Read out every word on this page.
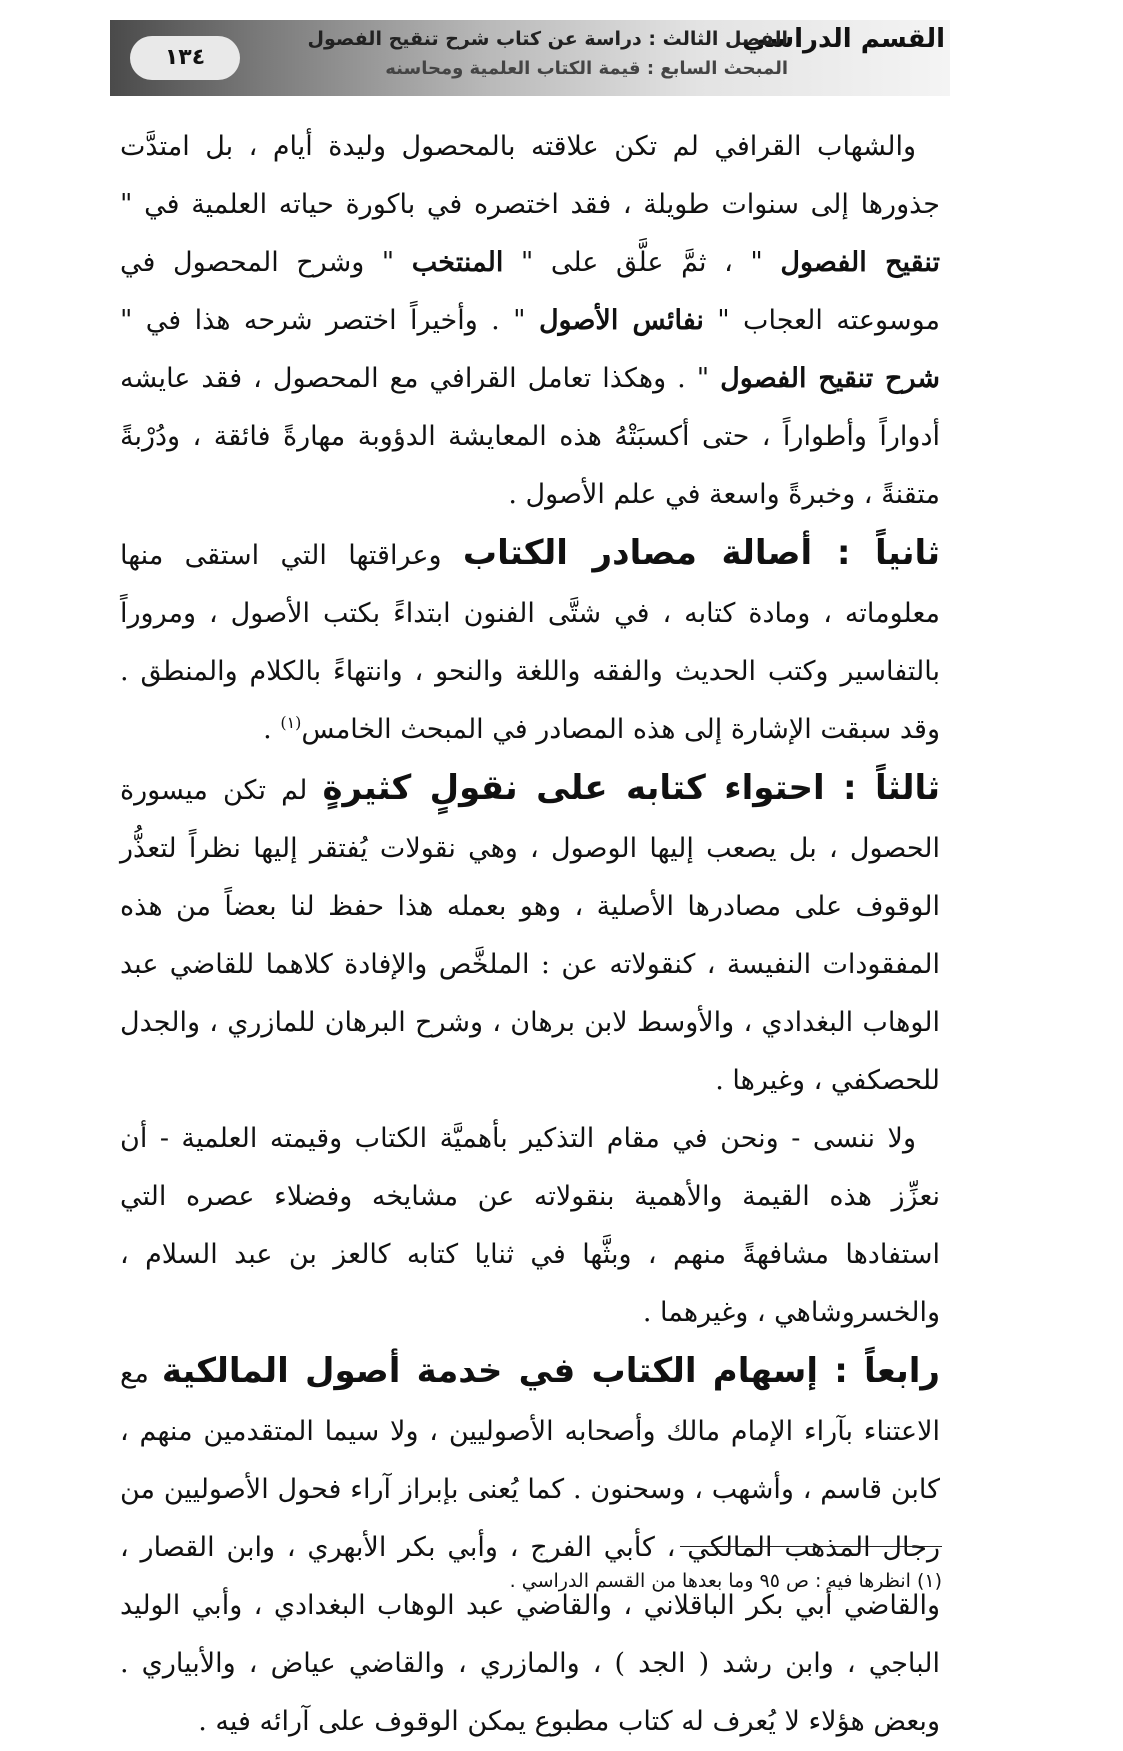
١٣٤
القسم الدراسي
الفصل الثالث : دراسة عن كتاب شرح تنقيح الفصول
المبحث السابع : قيمة الكتاب العلمية ومحاسنه

والشهاب القرافي لم تكن علاقته بالمحصول وليدة أيام ، بل امتدَّت جذورها إلى سنوات طويلة ، فقد اختصره في باكورة حياته العلمية في " تنقيح الفصول " ، ثمَّ علَّق على " المنتخب " وشرح المحصول في موسوعته العجاب " نفائس الأصول " . وأخيراً اختصر شرحه هذا في " شرح تنقيح الفصول " . وهكذا تعامل القرافي مع المحصول ، فقد عايشه أدواراً وأطواراً ، حتى أكسبَتْهُ هذه المعايشة الدؤوبة مهارةً فائقة ، ودُرْبةً متقنةً ، وخبرةً واسعة في علم الأصول .

ثانياً : أصالة مصادر الكتاب وعراقتها التي استقى منها معلوماته ، ومادة كتابه ، في شتَّى الفنون ابتداءً بكتب الأصول ، ومروراً بالتفاسير وكتب الحديث والفقه واللغة والنحو ، وانتهاءً بالكلام والمنطق . وقد سبقت الإشارة إلى هذه المصادر في المبحث الخامس$^{(١)}$ .

ثالثاً : احتواء كتابه على نقولٍ كثيرةٍ لم تكن ميسورة الحصول ، بل يصعب إليها الوصول ، وهي نقولات يُفتقر إليها نظراً لتعذُّر الوقوف على مصادرها الأصلية ، وهو بعمله هذا حفظ لنا بعضاً من هذه المفقودات النفيسة ، كنقولاته عن : الملخَّص والإفادة كلاهما للقاضي عبد الوهاب البغدادي ، والأوسط لابن برهان ، وشرح البرهان للمازري ، والجدل للحصكفي ، وغيرها .

ولا ننسى - ونحن في مقام التذكير بأهميَّة الكتاب وقيمته العلمية - أن نعزِّز هذه القيمة والأهمية بنقولاته عن مشايخه وفضلاء عصره التي استفادها مشافهةً منهم ، وبثَّها في ثنايا كتابه كالعز بن عبد السلام ، والخسروشاهي ، وغيرهما .

رابعاً : إسهام الكتاب في خدمة أصول المالكية مع الاعتناء بآراء الإمام مالك وأصحابه الأصوليين ، ولا سيما المتقدمين منهم ، كابن قاسم ، وأشهب ، وسحنون . كما يُعنى بإبراز آراء فحول الأصوليين من رجال المذهب المالكي ، كأبي الفرج ، وأبي بكر الأبهري ، وابن القصار ، والقاضي أبي بكر الباقلاني ، والقاضي عبد الوهاب البغدادي ، وأبي الوليد الباجي ، وابن رشد ( الجد ) ، والمازري ، والقاضي عياض ، والأبياري . وبعض هؤلاء لا يُعرف له كتاب مطبوع يمكن الوقوف على آرائه فيه .

(١) انظرها فيه : ص ٩٥ وما بعدها من القسم الدراسي .
